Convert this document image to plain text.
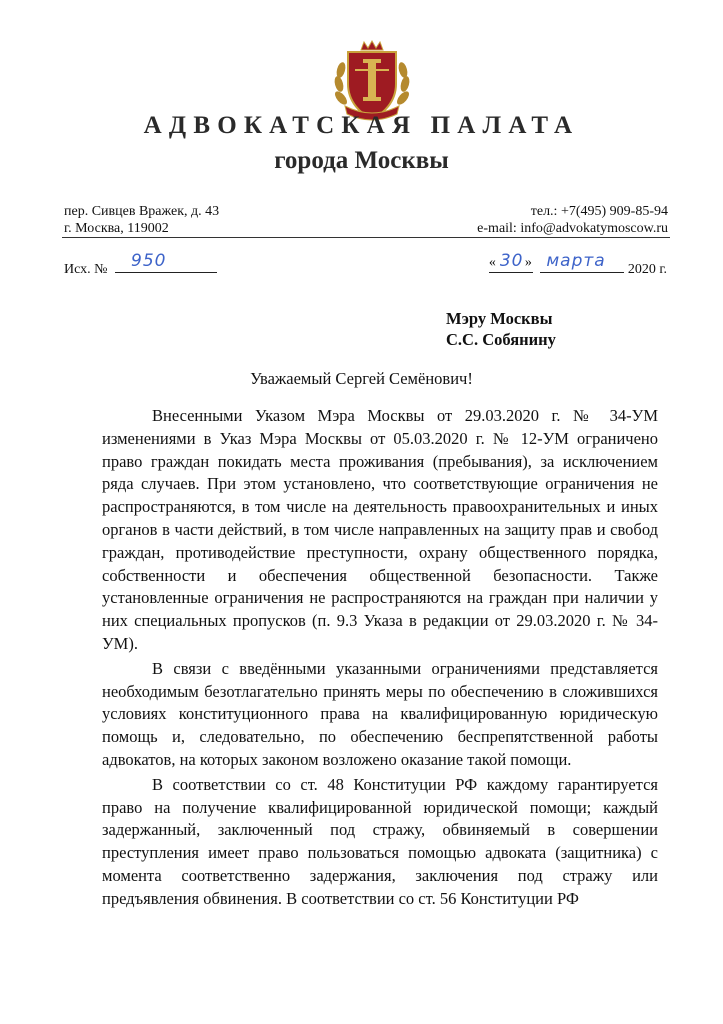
АДВОКАТСКАЯ ПАЛАТА
города Москвы
пер. Сивцев Вражек, д. 43
г. Москва, 119002
тел.: +7(495) 909-85-94
e-mail: info@advokatymoscow.ru
Исх. № 950	« 30 »
марта 2020 г.
Мэру Москвы
С.С. Собянину
Уважаемый Сергей Семёнович!

Внесенными Указом Мэра Москвы от 29.03.2020 г. № 34-УМ изменениями в Указ Мэра Москвы от 05.03.2020 г. № 12-УМ ограничено право граждан покидать места проживания (пребывания), за исключением ряда случаев. При этом установлено, что соответствующие ограничения не распространяются, в том числе на деятельность правоохранительных и иных органов в части действий, в том числе направленных на защиту прав и свобод граждан, противодействие преступности, охрану общественного порядка, собственности и обеспечения общественной безопасности. Также установленные ограничения не распространяются на граждан при наличии у них специальных пропусков (п. 9.3 Указа в редакции от 29.03.2020 г. № 34-УМ).

В связи с введёнными указанными ограничениями представляется необходимым безотлагательно принять меры по обеспечению в сложившихся условиях конституционного права на квалифицированную юридическую помощь и, следовательно, по обеспечению беспрепятственной работы адвокатов, на которых законом возложено оказание такой помощи.

В соответствии со ст. 48 Конституции РФ каждому гарантируется право на получение квалифицированной юридической помощи; каждый задержанный, заключенный под стражу, обвиняемый в совершении преступления имеет право пользоваться помощью адвоката (защитника) с момента соответственно задержания, заключения под стражу или предъявления обвинения. В соответствии со ст. 56 Конституции РФ
